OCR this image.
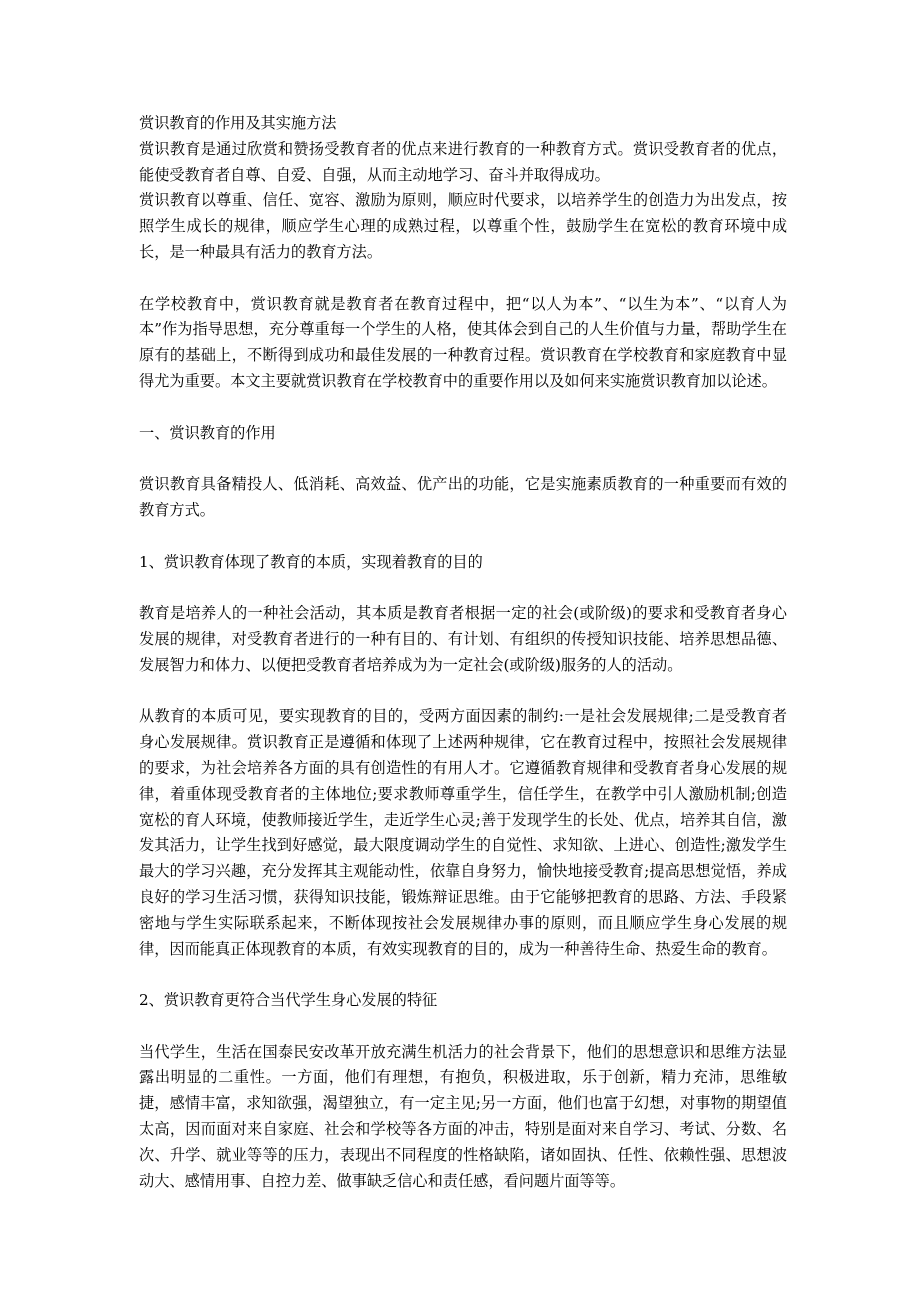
赏识教育的作用及其实施方法

赏识教育是通过欣赏和赞扬受教育者的优点来进行教育的一种教育方式。赏识受教育者的优点，能使受教育者自尊、自爱、自强，从而主动地学习、奋斗并取得成功。

赏识教育以尊重、信任、宽容、激励为原则，顺应时代要求，以培养学生的创造力为出发点，按照学生成长的规律，顺应学生心理的成熟过程，以尊重个性，鼓励学生在宽松的教育环境中成长，是一种最具有活力的教育方法。

在学校教育中，赏识教育就是教育者在教育过程中，把“以人为本”、“以生为本”、“以育人为本”作为指导思想，充分尊重每一个学生的人格，使其体会到自己的人生价值与力量，帮助学生在原有的基础上，不断得到成功和最佳发展的一种教育过程。赏识教育在学校教育和家庭教育中显得尤为重要。本文主要就赏识教育在学校教育中的重要作用以及如何来实施赏识教育加以论述。

一、赏识教育的作用

赏识教育具备精投人、低消耗、高效益、优产出的功能，它是实施素质教育的一种重要而有效的教育方式。

1、赏识教育体现了教育的本质，实现着教育的目的

教育是培养人的一种社会活动，其本质是教育者根据一定的社会(或阶级)的要求和受教育者身心发展的规律，对受教育者进行的一种有目的、有计划、有组织的传授知识技能、培养思想品德、发展智力和体力、以便把受教育者培养成为为一定社会(或阶级)服务的人的活动。

从教育的本质可见，要实现教育的目的，受两方面因素的制约:一是社会发展规律;二是受教育者身心发展规律。赏识教育正是遵循和体现了上述两种规律，它在教育过程中，按照社会发展规律的要求，为社会培养各方面的具有创造性的有用人才。它遵循教育规律和受教育者身心发展的规律，着重体现受教育者的主体地位;要求教师尊重学生，信任学生，在教学中引人激励机制;创造宽松的育人环境，使教师接近学生，走近学生心灵;善于发现学生的长处、优点，培养其自信，激发其活力，让学生找到好感觉，最大限度调动学生的自觉性、求知欲、上进心、创造性;激发学生最大的学习兴趣，充分发挥其主观能动性，依靠自身努力，愉快地接受教育;提高思想觉悟，养成良好的学习生活习惯，获得知识技能，锻炼辩证思维。由于它能够把教育的思路、方法、手段紧密地与学生实际联系起来，不断体现按社会发展规律办事的原则，而且顺应学生身心发展的规律，因而能真正体现教育的本质，有效实现教育的目的，成为一种善待生命、热爱生命的教育。

2、赏识教育更符合当代学生身心发展的特征

当代学生，生活在国泰民安改革开放充满生机活力的社会背景下，他们的思想意识和思维方法显露出明显的二重性。一方面，他们有理想，有抱负，积极进取，乐于创新，精力充沛，思维敏捷，感情丰富，求知欲强，渴望独立，有一定主见;另一方面，他们也富于幻想，对事物的期望值太高，因而面对来自家庭、社会和学校等各方面的冲击，特别是面对来自学习、考试、分数、名次、升学、就业等等的压力，表现出不同程度的性格缺陷，诸如固执、任性、依赖性强、思想波动大、感情用事、自控力差、做事缺乏信心和责任感，看问题片面等等。
